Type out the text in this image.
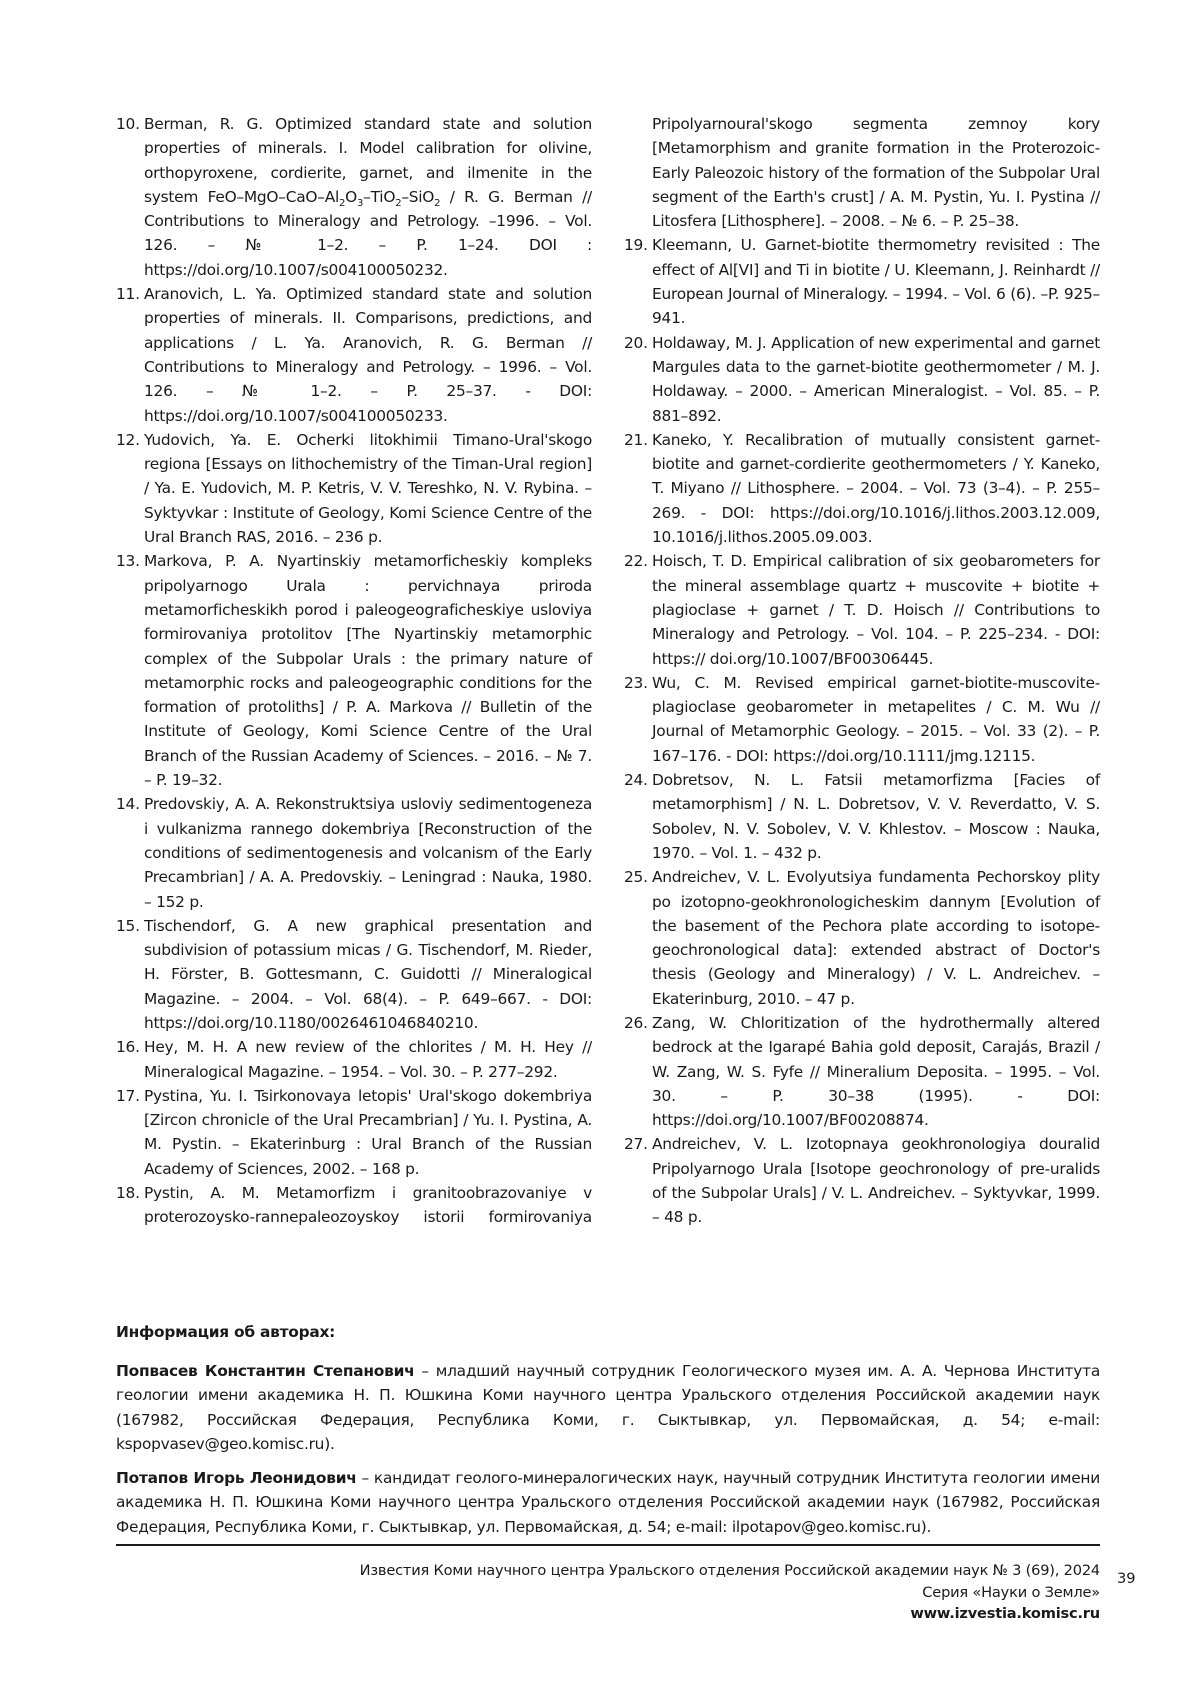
10. Berman, R. G. Optimized standard state and solution properties of minerals. I. Model calibration for olivine, orthopyroxene, cordierite, garnet, and ilmenite in the system FeO–$MgO-CaO-Al_2O_3-TiO_2-SiO_2$ / R. G. Berman // Contributions to Mineralogy and Petrology. –1996. – Vol. 126. – № 1–2. – P. 1–24. DOI : https://doi.org/10.1007/s004100050232.
11. Aranovich, L. Ya. Optimized standard state and solution properties of minerals. II. Comparisons, predictions, and applications / L. Ya. Aranovich, R. G. Berman // Contributions to Mineralogy and Petrology. – 1996. – Vol. 126. – № 1–2. – P. 25–37. - DOI: https://doi.org/10.1007/s004100050233.
12. Yudovich, Ya. E. Ocherki litokhimii Timano-Ural'skogo regiona [Essays on lithochemistry of the Timan-Ural region] / Ya. E. Yudovich, M. P. Ketris, V. V. Tereshko, N. V. Rybina. – Syktyvkar : Institute of Geology, Komi Science Centre of the Ural Branch RAS, 2016. – 236 p.
13. Markova, P. A. Nyartinskiy metamorficheskiy kompleks pripolyarnogo Urala : pervichnaya priroda metamorficheskikh porod i paleogeograficheskiye usloviya formirovaniya protolitov [The Nyartinskiy metamorphic complex of the Subpolar Urals : the primary nature of metamorphic rocks and paleogeographic conditions for the formation of protoliths] / P. A. Markova // Bulletin of the Institute of Geology, Komi Science Centre of the Ural Branch of the Russian Academy of Sciences. – 2016. – № 7. – P. 19–32.
14. Predovskiy, A. A. Rekonstruktsiya usloviy sedimentogeneza i vulkanizma rannego dokembriya [Reconstruction of the conditions of sedimentogenesis and volcanism of the Early Precambrian] / A. A. Predovskiy. – Leningrad : Nauka, 1980. – 152 p.
15. Tischendorf, G. A new graphical presentation and subdivision of potassium micas / G. Tischendorf, M. Rieder, H. Förster, B. Gottesmann, C. Guidotti // Mineralogical Magazine. – 2004. – Vol. 68(4). – P. 649–667. - DOI: https://doi.org/10.1180/0026461046840210.
16. Hey, M. H. A new review of the chlorites / M. H. Hey // Mineralogical Magazine. – 1954. – Vol. 30. – P. 277–292.
17. Pystina, Yu. I. Tsirkonovaya letopis' Ural'skogo dokembriya [Zircon chronicle of the Ural Precambrian] / Yu. I. Pystina, A. M. Pystin. – Ekaterinburg : Ural Branch of the Russian Academy of Sciences, 2002. – 168 p.
18. Pystin, A. M. Metamorfizm i granitoobrazovaniye v proterozoysko-rannepaleozoyskoy istorii formirovaniya
Pripolyarnoural'skogo segmenta zemnoy kory [Metamorphism and granite formation in the Proterozoic-Early Paleozoic history of the formation of the Subpolar Ural segment of the Earth's crust] / A. M. Pystin, Yu. I. Pystina // Litosfera [Lithosphere]. – 2008. – № 6. – P. 25–38.
19. Kleemann, U. Garnet-biotite thermometry revisited : The effect of Al[VI] and Ti in biotite / U. Kleemann, J. Reinhardt // European Journal of Mineralogy. – 1994. – Vol. 6 (6). –P. 925–941.
20. Holdaway, M. J. Application of new experimental and garnet Margules data to the garnet-biotite geothermometer / M. J. Holdaway. – 2000. – American Mineralogist. – Vol. 85. – P. 881–892.
21. Kaneko, Y. Recalibration of mutually consistent garnet-biotite and garnet-cordierite geothermometers / Y. Kaneko, T. Miyano // Lithosphere. – 2004. – Vol. 73 (3–4). – P. 255–269. - DOI: https://doi.org/10.1016/j.lithos.2003.12.009, 10.1016/j.lithos.2005.09.003.
22. Hoisch, T. D. Empirical calibration of six geobarometers for the mineral assemblage quartz + muscovite + biotite + plagioclase + garnet / T. D. Hoisch // Contributions to Mineralogy and Petrology. – Vol. 104. – P. 225–234. - DOI: https:// doi.org/10.1007/BF00306445.
23. Wu, C. M. Revised empirical garnet-biotite-muscovite-plagioclase geobarometer in metapelites / C. M. Wu // Journal of Metamorphic Geology. – 2015. – Vol. 33 (2). – P. 167–176. - DOI: https://doi.org/10.1111/jmg.12115.
24. Dobretsov, N. L. Fatsii metamorfizma [Facies of metamorphism] / N. L. Dobretsov, V. V. Reverdatto, V. S. Sobolev, N. V. Sobolev, V. V. Khlestov. – Moscow : Nauka, 1970. – Vol. 1. – 432 p.
25. Andreichev, V. L. Evolyutsiya fundamenta Pechorskoy plity po izotopno-geokhronologicheskim dannym [Evolution of the basement of the Pechora plate according to isotope-geochronological data]: extended abstract of Doctor's thesis (Geology and Mineralogy) / V. L. Andreichev. – Ekaterinburg, 2010. – 47 p.
26. Zang, W. Chloritization of the hydrothermally altered bedrock at the Igarapé Bahia gold deposit, Carajás, Brazil / W. Zang, W. S. Fyfe // Mineralium Deposita. – 1995. – Vol. 30. – P. 30–38 (1995). - DOI: https://doi.org/10.1007/BF00208874.
27. Andreichev, V. L. Izotopnaya geokhronologiya douralid Pripolyarnogo Urala [Isotope geochronology of pre-uralids of the Subpolar Urals] / V. L. Andreichev. – Syktyvkar, 1999. – 48 p.
Информация об авторах:
Попвасев Константин Степанович – младший научный сотрудник Геологического музея им. А. А. Чернова Института геологии имени академика Н. П. Юшкина Коми научного центра Уральского отделения Российской академии наук (167982, Российская Федерация, Республика Коми, г. Сыктывкар, ул. Первомайская, д. 54; e-mail: kspopvasev@geo.komisc.ru).
Потапов Игорь Леонидович – кандидат геолого-минералогических наук, научный сотрудник Института геологии имени академика Н. П. Юшкина Коми научного центра Уральского отделения Российской академии наук (167982, Российская Федерация, Республика Коми, г. Сыктывкар, ул. Первомайская, д. 54; e-mail: ilpotapov@geo.komisc.ru).
Известия Коми научного центра Уральского отделения Российской академии наук № 3 (69), 2024
Серия «Науки о Земле»
www.izvestia.komisc.ru
39
